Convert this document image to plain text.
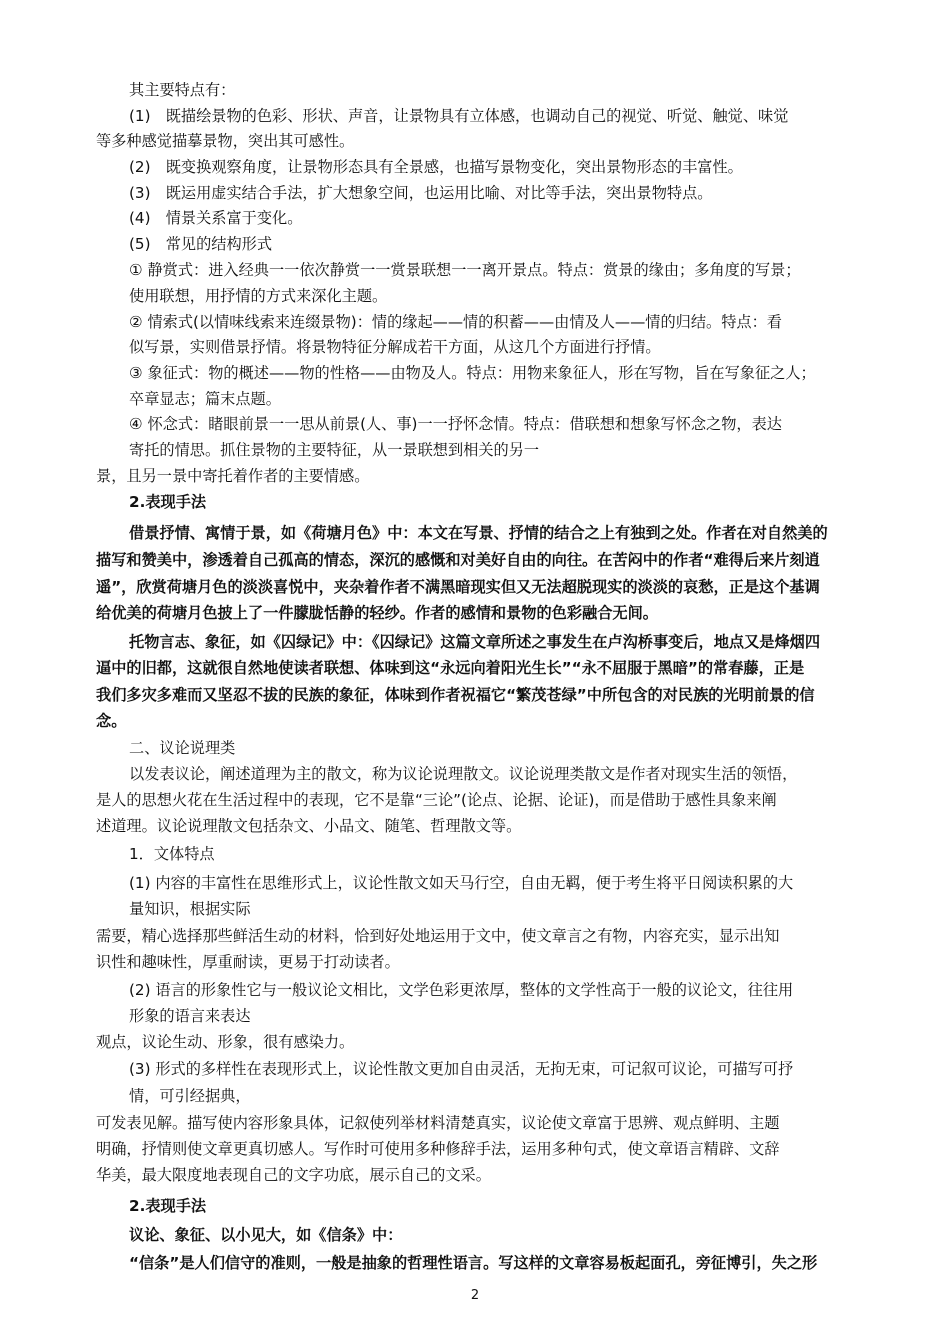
其主要特点有：
(1)　既描绘景物的色彩、形状、声音，让景物具有立体感，也调动自己的视觉、听觉、触觉、味觉
等多种感觉描摹景物，突出其可感性。
(2)　既变换观察角度，让景物形态具有全景感，也描写景物变化，突出景物形态的丰富性。
(3)　既运用虚实结合手法，扩大想象空间，也运用比喻、对比等手法，突出景物特点。
(4)　情景关系富于变化。
(5)　常见的结构形式
① 静赏式：进入经典一一依次静赏一一赏景联想一一离开景点。特点：赏景的缘由；多角度的写景；
使用联想，用抒情的方式来深化主题。
② 情索式(以情味线索来连缀景物)：情的缘起——情的积蓄——由情及人——情的归结。特点：看
似写景，实则借景抒情。将景物特征分解成若干方面，从这几个方面进行抒情。
③ 象征式：物的概述——物的性格——由物及人。特点：用物来象征人，形在写物，旨在写象征之人；
卒章显志；篇末点题。
④ 怀念式：睹眼前景一一思从前景(人、事)一一抒怀念情。特点：借联想和想象写怀念之物，表达
寄托的情思。抓住景物的主要特征，从一景联想到相关的另一
景，且另一景中寄托着作者的主要情感。
2.表现手法
借景抒情、寓情于景，如《荷塘月色》中：本文在写景、抒情的结合之上有独到之处。作者在对自然美的
描写和赞美中，渗透着自己孤高的情态，深沉的感慨和对美好自由的向往。在苦闷中的作者“难得后来片刻逍
遥”，欣赏荷塘月色的淡淡喜悦中，夹杂着作者不满黑暗现实但又无法超脱现实的淡淡的哀愁，正是这个基调
给优美的荷塘月色披上了一件朦胧恬静的轻纱。作者的感情和景物的色彩融合无间。
托物言志、象征，如《囚绿记》中：《囚绿记》这篇文章所述之事发生在卢沟桥事变后，地点又是烽烟四
逼中的旧都，这就很自然地使读者联想、体味到这“永远向着阳光生长”“永不屈服于黑暗”的常春藤，正是
我们多灾多难而又坚忍不拔的民族的象征，体味到作者祝福它“繁茂苍绿”中所包含的对民族的光明前景的信
念。
二、议论说理类
以发表议论，阐述道理为主的散文，称为议论说理散文。议论说理类散文是作者对现实生活的领悟，
是人的思想火花在生活过程中的表现，它不是靠“三论”(论点、论据、论证)，而是借助于感性具象来阐
述道理。议论说理散文包括杂文、小品文、随笔、哲理散文等。
1．文体特点
(1) 内容的丰富性在思维形式上，议论性散文如天马行空，自由无羁，便于考生将平日阅读积累的大
量知识，根据实际
需要，精心选择那些鲜活生动的材料，恰到好处地运用于文中，使文章言之有物，内容充实，显示出知
识性和趣味性，厚重耐读，更易于打动读者。
(2) 语言的形象性它与一般议论文相比，文学色彩更浓厚，整体的文学性高于一般的议论文，往往用
形象的语言来表达
观点，议论生动、形象，很有感染力。
(3) 形式的多样性在表现形式上，议论性散文更加自由灵活，无拘无束，可记叙可议论，可描写可抒
情，可引经据典，
可发表见解。描写使内容形象具体，记叙使列举材料清楚真实，议论使文章富于思辨、观点鲜明、主题
明确，抒情则使文章更真切感人。写作时可使用多种修辞手法，运用多种句式，使文章语言精辟、文辞
华美，最大限度地表现自己的文字功底，展示自己的文采。
2.表现手法
议论、象征、以小见大，如《信条》中：
“信条”是人们信守的准则，一般是抽象的哲理性语言。写这样的文章容易板起面孔，旁征博引，失之形
2
